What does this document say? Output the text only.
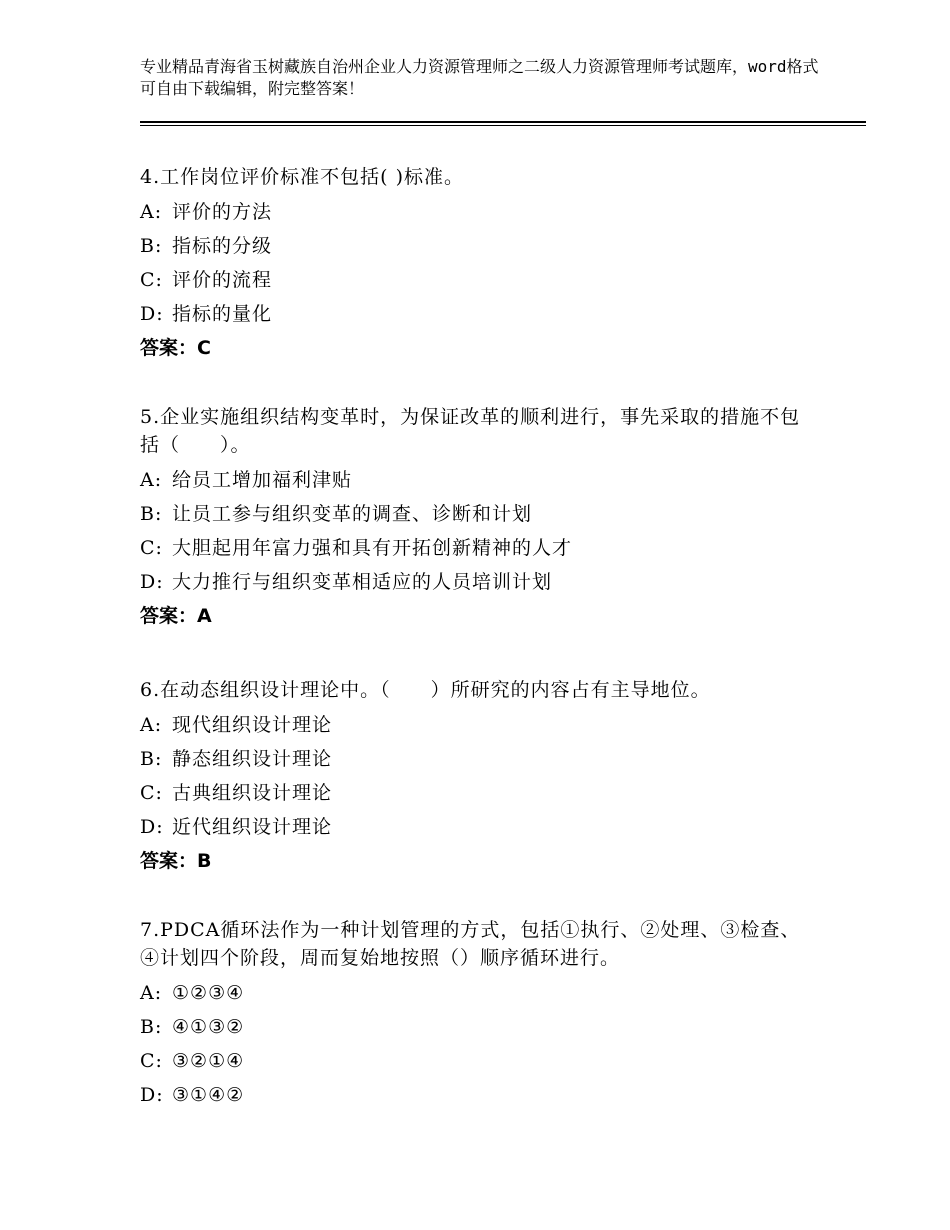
专业精品青海省玉树藏族自治州企业人力资源管理师之二级人力资源管理师考试题库，word格式可自由下载编辑，附完整答案！

4.工作岗位评价标准不包括( )标准。

A: 评价的方法

B: 指标的分级

C: 评价的流程

D: 指标的量化

答案：C

5.企业实施组织结构变革时，为保证改革的顺利进行，事先采取的措施不包括（　　）。

A: 给员工增加福利津贴

B: 让员工参与组织变革的调查、诊断和计划

C: 大胆起用年富力强和具有开拓创新精神的人才

D: 大力推行与组织变革相适应的人员培训计划

答案：A

6.在动态组织设计理论中。（　　）所研究的内容占有主导地位。

A: 现代组织设计理论

B: 静态组织设计理论

C: 古典组织设计理论

D: 近代组织设计理论

答案：B

7.PDCA循环法作为一种计划管理的方式，包括①执行、②处理、③检查、④计划四个阶段，周而复始地按照（）顺序循环进行。

A: ①②③④

B: ④①③②

C: ③②①④

D: ③①④②
